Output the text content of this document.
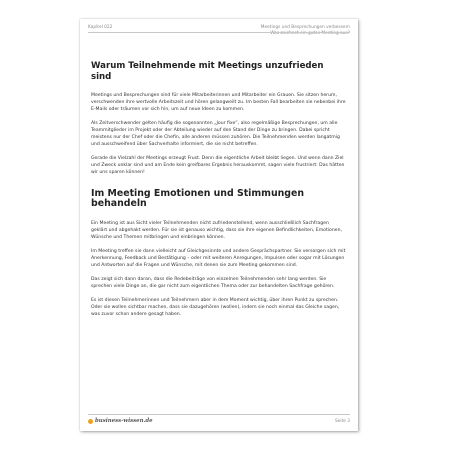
Kapitel 022	Meetings und Besprechungen verbessern
Was zeichnet ein gutes Meeting aus?
Warum Teilnehmende mit Meetings unzufrieden sind

Meetings und Besprechungen sind für viele Mitarbeiterinnen und Mitarbeiter ein Grauen. Sie sitzen herum, verschwenden ihre wertvolle Arbeitszeit und hören gelangweilt zu. Im besten Fall bearbeiten sie nebenbei ihre E-Mails oder träumen vor sich hin, um auf neue Ideen zu kommen.

Als Zeitverschwender gelten häufig die sogenannten „Jour fixe“, also regelmäßige Besprechungen, um alle Teammitglieder im Projekt oder der Abteilung wieder auf den Stand der Dinge zu bringen. Dabei spricht meistens nur der Chef oder die Chefin, alle anderen müssen zuhören. Die Teilnehmenden werden langatmig und ausschweifend über Sachverhalte informiert, die sie nicht betreffen.

Gerade die Vielzahl der Meetings erzeugt Frust. Denn die eigentliche Arbeit bleibt liegen. Und wenn dann Ziel und Zweck unklar sind und am Ende kein greifbares Ergebnis herauskommt, sagen viele frustriert: Das hätten wir uns sparen können!

Im Meeting Emotionen und Stimmungen behandeln

Ein Meeting ist aus Sicht vieler Teilnehmenden nicht zufriedenstellend, wenn ausschließlich Sachfragen geklärt und abgehakt werden. Für sie ist genauso wichtig, dass sie ihre eigenen Befindlichkeiten, Emotionen, Wünsche und Themen mitbringen und einbringen können.

Im Meeting treffen sie dann vielleicht auf Gleichgesinnte und andere Gesprächspartner. Sie versorgen sich mit Anerkennung, Feedback und Bestätigung – oder mit weiteren Anregungen, Impulsen oder sogar mit Lösungen und Antworten auf die Fragen und Wünsche, mit denen sie zum Meeting gekommen sind.

Das zeigt sich dann daran, dass die Redebeiträge von einzelnen Teilnehmenden sehr lang werden. Sie sprechen viele Dinge an, die gar nicht zum eigentlichen Thema oder zur behandelten Sachfrage gehören.

Es ist diesen Teilnehmerinnen und Teilnehmern aber in dem Moment wichtig, über ihren Punkt zu sprechen. Oder sie wollen sichtbar machen, dass sie dazugehören (wollen), indem sie noch einmal das Gleiche sagen, was zuvor schon andere gesagt haben.

business-wissen.de	Seite 3
